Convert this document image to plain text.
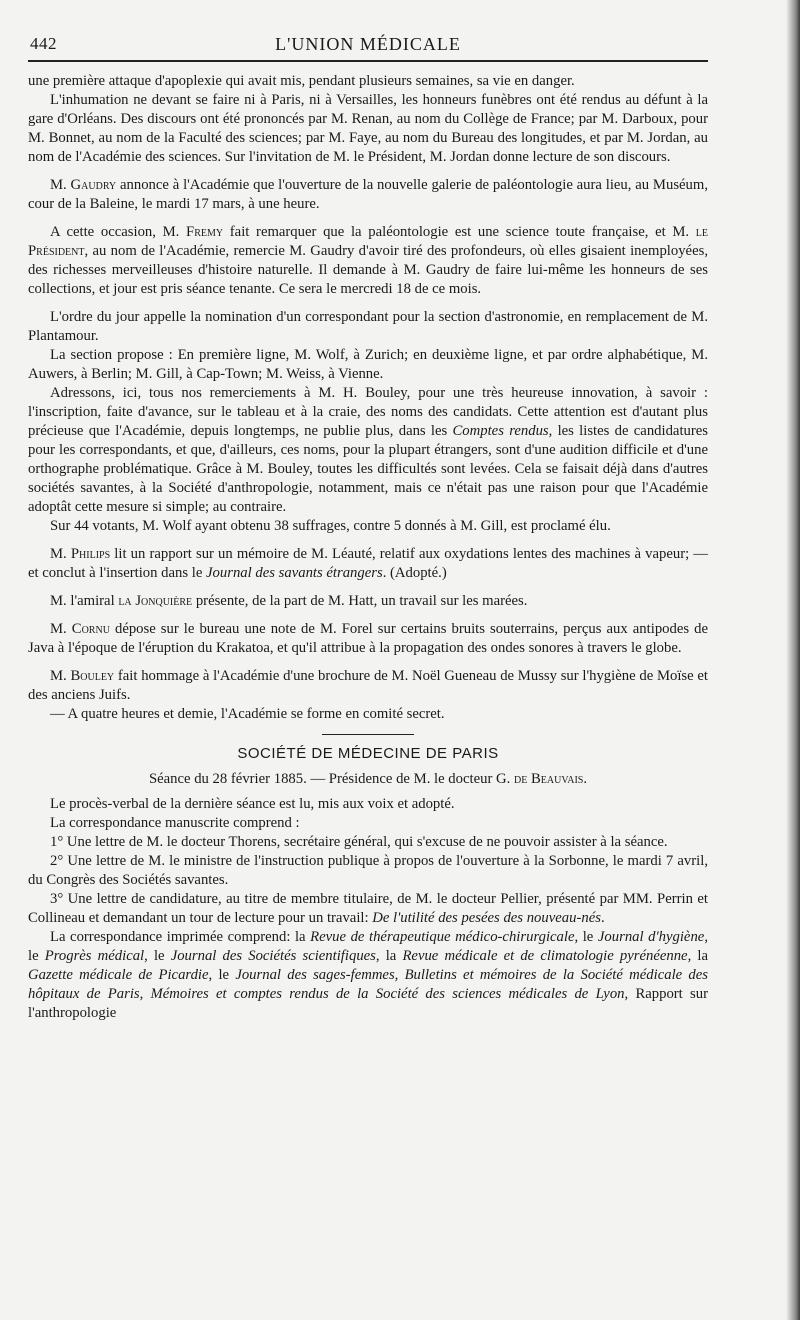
442	L'UNION MÉDICALE

une première attaque d'apoplexie qui avait mis, pendant plusieurs semaines, sa vie en danger.

L'inhumation ne devant se faire ni à Paris, ni à Versailles, les honneurs funèbres ont été rendus au défunt à la gare d'Orléans. Des discours ont été prononcés par M. Renan, au nom du Collège de France; par M. Darboux, pour M. Bonnet, au nom de la Faculté des sciences; par M. Faye, au nom du Bureau des longitudes, et par M. Jordan, au nom de l'Académie des sciences. Sur l'invitation de M. le Président, M. Jordan donne lecture de son discours.

M. Gaudry annonce à l'Académie que l'ouverture de la nouvelle galerie de paléontologie aura lieu, au Muséum, cour de la Baleine, le mardi 17 mars, à une heure.

A cette occasion, M. Fremy fait remarquer que la paléontologie est une science toute française, et M. le Président, au nom de l'Académie, remercie M. Gaudry d'avoir tiré des profondeurs, où elles gisaient inemployées, des richesses merveilleuses d'histoire naturelle. Il demande à M. Gaudry de faire lui-même les honneurs de ses collections, et jour est pris séance tenante. Ce sera le mercredi 18 de ce mois.

L'ordre du jour appelle la nomination d'un correspondant pour la section d'astronomie, en remplacement de M. Plantamour.

La section propose : En première ligne, M. Wolf, à Zurich; en deuxième ligne, et par ordre alphabétique, M. Auwers, à Berlin; M. Gill, à Cap-Town; M. Weiss, à Vienne.

Adressons, ici, tous nos remerciements à M. H. Bouley, pour une très heureuse innovation, à savoir : l'inscription, faite d'avance, sur le tableau et à la craie, des noms des candidats. Cette attention est d'autant plus précieuse que l'Académie, depuis longtemps, ne publie plus, dans les Comptes rendus, les listes de candidatures pour les correspondants, et que, d'ailleurs, ces noms, pour la plupart étrangers, sont d'une audition difficile et d'une orthographe problématique. Grâce à M. Bouley, toutes les difficultés sont levées. Cela se faisait déjà dans d'autres sociétés savantes, à la Société d'anthropologie, notamment, mais ce n'était pas une raison pour que l'Académie adoptât cette mesure si simple; au contraire.

Sur 44 votants, M. Wolf ayant obtenu 38 suffrages, contre 5 donnés à M. Gill, est proclamé élu.

M. Philips lit un rapport sur un mémoire de M. Léauté, relatif aux oxydations lentes des machines à vapeur; — et conclut à l'insertion dans le Journal des savants étrangers. (Adopté.)

M. l'amiral la Jonquière présente, de la part de M. Hatt, un travail sur les marées.

M. Cornu dépose sur le bureau une note de M. Forel sur certains bruits souterrains, perçus aux antipodes de Java à l'époque de l'éruption du Krakatoa, et qu'il attribue à la propagation des ondes sonores à travers le globe.

M. Bouley fait hommage à l'Académie d'une brochure de M. Noël Gueneau de Mussy sur l'hygiène de Moïse et des anciens Juifs.

— A quatre heures et demie, l'Académie se forme en comité secret.

SOCIÉTÉ DE MÉDECINE DE PARIS
Séance du 28 février 1885. — Présidence de M. le docteur G. de Beauvais.

Le procès-verbal de la dernière séance est lu, mis aux voix et adopté.

La correspondance manuscrite comprend :

1° Une lettre de M. le docteur Thorens, secrétaire général, qui s'excuse de ne pouvoir assister à la séance.

2° Une lettre de M. le ministre de l'instruction publique à propos de l'ouverture à la Sorbonne, le mardi 7 avril, du Congrès des Sociétés savantes.

3° Une lettre de candidature, au titre de membre titulaire, de M. le docteur Pellier, présenté par MM. Perrin et Collineau et demandant un tour de lecture pour un travail: De l'utilité des pesées des nouveau-nés.

La correspondance imprimée comprend: la Revue de thérapeutique médico-chirurgicale, le Journal d'hygiène, le Progrès médical, le Journal des Sociétés scientifiques, la Revue médicale et de climatologie pyrénéenne, la Gazette médicale de Picardie, le Journal des sages-femmes, Bulletins et mémoires de la Société médicale des hôpitaux de Paris, Mémoires et comptes rendus de la Société des sciences médicales de Lyon, Rapport sur l'anthropologie
